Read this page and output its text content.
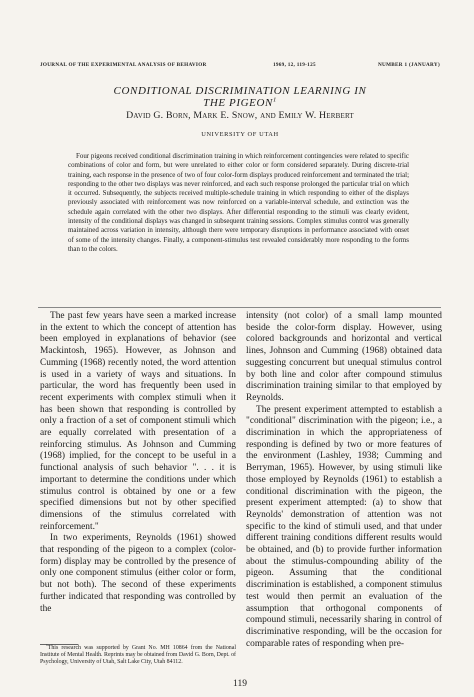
JOURNAL OF THE EXPERIMENTAL ANALYSIS OF BEHAVIOR	1969, 12, 119-125	NUMBER 1 (JANUARY)
CONDITIONAL DISCRIMINATION LEARNING IN
THE PIGEON$^1$
David G. Born, Mark E. Snow, and Emily W. Herbert
UNIVERSITY OF UTAH
Four pigeons received conditional discrimination training in which reinforcement contingencies were related to specific combinations of color and form, but were unrelated to either color or form considered separately. During discrete-trial training, each response in the presence of two of four color-form displays produced reinforcement and terminated the trial; responding to the other two displays was never reinforced, and each such response prolonged the particular trial on which it occurred. Subsequently, the subjects received multiple-schedule training in which responding to either of the displays previously associated with reinforcement was now reinforced on a variable-interval schedule, and extinction was the schedule again correlated with the other two displays. After differential responding to the stimuli was clearly evident, intensity of the conditional displays was changed in subsequent training sessions. Complex stimulus control was generally maintained across variation in intensity, although there were temporary disruptions in performance associated with onset of some of the intensity changes. Finally, a component-stimulus test revealed considerably more responding to the forms than to the colors.

The past few years have seen a marked increase in the extent to which the concept of attention has been employed in explanations of behavior (see Mackintosh, 1965). However, as Johnson and Cumming (1968) recently noted, the word attention is used in a variety of ways and situations. In particular, the word has frequently been used in recent experiments with complex stimuli when it has been shown that responding is controlled by only a fraction of a set of component stimuli which are equally correlated with presentation of a reinforcing stimulus. As Johnson and Cumming (1968) implied, for the concept to be useful in a functional analysis of such behavior ". . . it is important to determine the conditions under which stimulus control is obtained by one or a few specified dimensions but not by other specified dimensions of the stimulus correlated with reinforcement."

In two experiments, Reynolds (1961) showed that responding of the pigeon to a complex (color-form) display may be controlled by the presence of only one component stimulus (either color or form, but not both). The second of these experiments further indicated that responding was controlled by the

intensity (not color) of a small lamp mounted beside the color-form display. However, using colored backgrounds and horizontal and vertical lines, Johnson and Cumming (1968) obtained data suggesting concurrent but unequal stimulus control by both line and color after compound stimulus discrimination training similar to that employed by Reynolds.

The present experiment attempted to establish a "conditional" discrimination with the pigeon; i.e., a discrimination in which the appropriateness of responding is defined by two or more features of the environment (Lashley, 1938; Cumming and Berryman, 1965). However, by using stimuli like those employed by Reynolds (1961) to establish a conditional discrimination with the pigeon, the present experiment attempted: (a) to show that Reynolds' demonstration of attention was not specific to the kind of stimuli used, and that under different training conditions different results would be obtained, and (b) to provide further information about the stimulus-compounding ability of the pigeon. Assuming that the conditional discrimination is established, a component stimulus test would then permit an evaluation of the assumption that orthogonal components of compound stimuli, necessarily sharing in control of discriminative responding, will be the occasion for comparable rates of responding when pre-

$^1$This research was supported by Grant No. MH 10864 from the National Institute of Mental Health. Reprints may be obtained from David G. Born, Dept. of Psychology, University of Utah, Salt Lake City, Utah 84112.
119
